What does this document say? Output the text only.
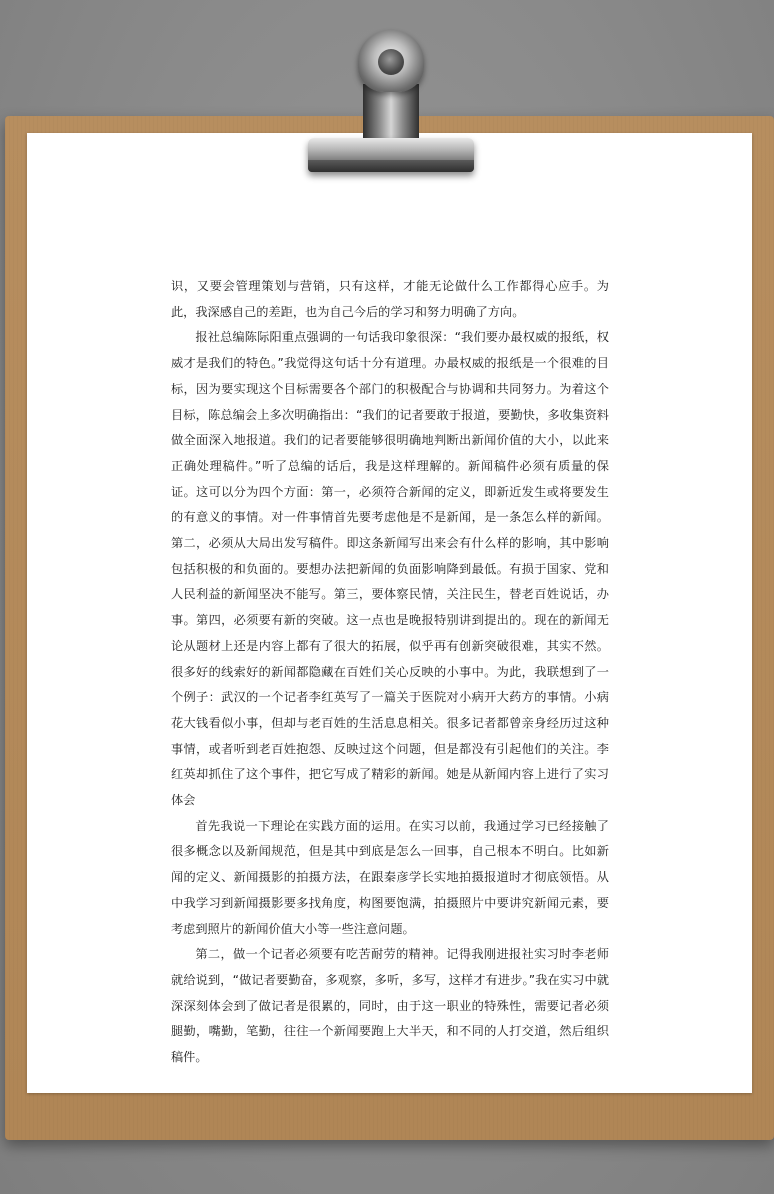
识，又要会管理策划与营销，只有这样，才能无论做什么工作都得心应手。为此，我深感自己的差距，也为自己今后的学习和努力明确了方向。

报社总编陈际阳重点强调的一句话我印象很深：“我们要办最权威的报纸，权威才是我们的特色。”我觉得这句话十分有道理。办最权威的报纸是一个很难的目标，因为要实现这个目标需要各个部门的积极配合与协调和共同努力。为着这个目标，陈总编会上多次明确指出：“我们的记者要敢于报道，要勤快，多收集资料做全面深入地报道。我们的记者要能够很明确地判断出新闻价值的大小，以此来正确处理稿件。”听了总编的话后，我是这样理解的。新闻稿件必须有质量的保证。这可以分为四个方面：第一，必须符合新闻的定义，即新近发生或将要发生的有意义的事情。对一件事情首先要考虑他是不是新闻，是一条怎么样的新闻。第二，必须从大局出发写稿件。即这条新闻写出来会有什么样的影响，其中影响包括积极的和负面的。要想办法把新闻的负面影响降到最低。有损于国家、党和人民利益的新闻坚决不能写。第三，要体察民情，关注民生，替老百姓说话，办事。第四，必须要有新的突破。这一点也是晚报特别讲到提出的。现在的新闻无论从题材上还是内容上都有了很大的拓展，似乎再有创新突破很难，其实不然。很多好的线索好的新闻都隐藏在百姓们关心反映的小事中。为此，我联想到了一个例子：武汉的一个记者李红英写了一篇关于医院对小病开大药方的事情。小病花大钱看似小事，但却与老百姓的生活息息相关。很多记者都曾亲身经历过这种事情，或者听到老百姓抱怨、反映过这个问题，但是都没有引起他们的关注。李红英却抓住了这个事件，把它写成了精彩的新闻。她是从新闻内容上进行了实习体会

首先我说一下理论在实践方面的运用。在实习以前，我通过学习已经接触了很多概念以及新闻规范，但是其中到底是怎么一回事，自己根本不明白。比如新闻的定义、新闻摄影的拍摄方法，在跟秦彦学长实地拍摄报道时才彻底领悟。从中我学习到新闻摄影要多找角度，构图要饱满，拍摄照片中要讲究新闻元素，要考虑到照片的新闻价值大小等一些注意问题。

第二，做一个记者必须要有吃苦耐劳的精神。记得我刚进报社实习时李老师就给说到，“做记者要勤奋，多观察，多听，多写，这样才有进步。”我在实习中就深深刻体会到了做记者是很累的，同时，由于这一职业的特殊性，需要记者必须腿勤，嘴勤，笔勤，往往一个新闻要跑上大半天，和不同的人打交道，然后组织稿件。
